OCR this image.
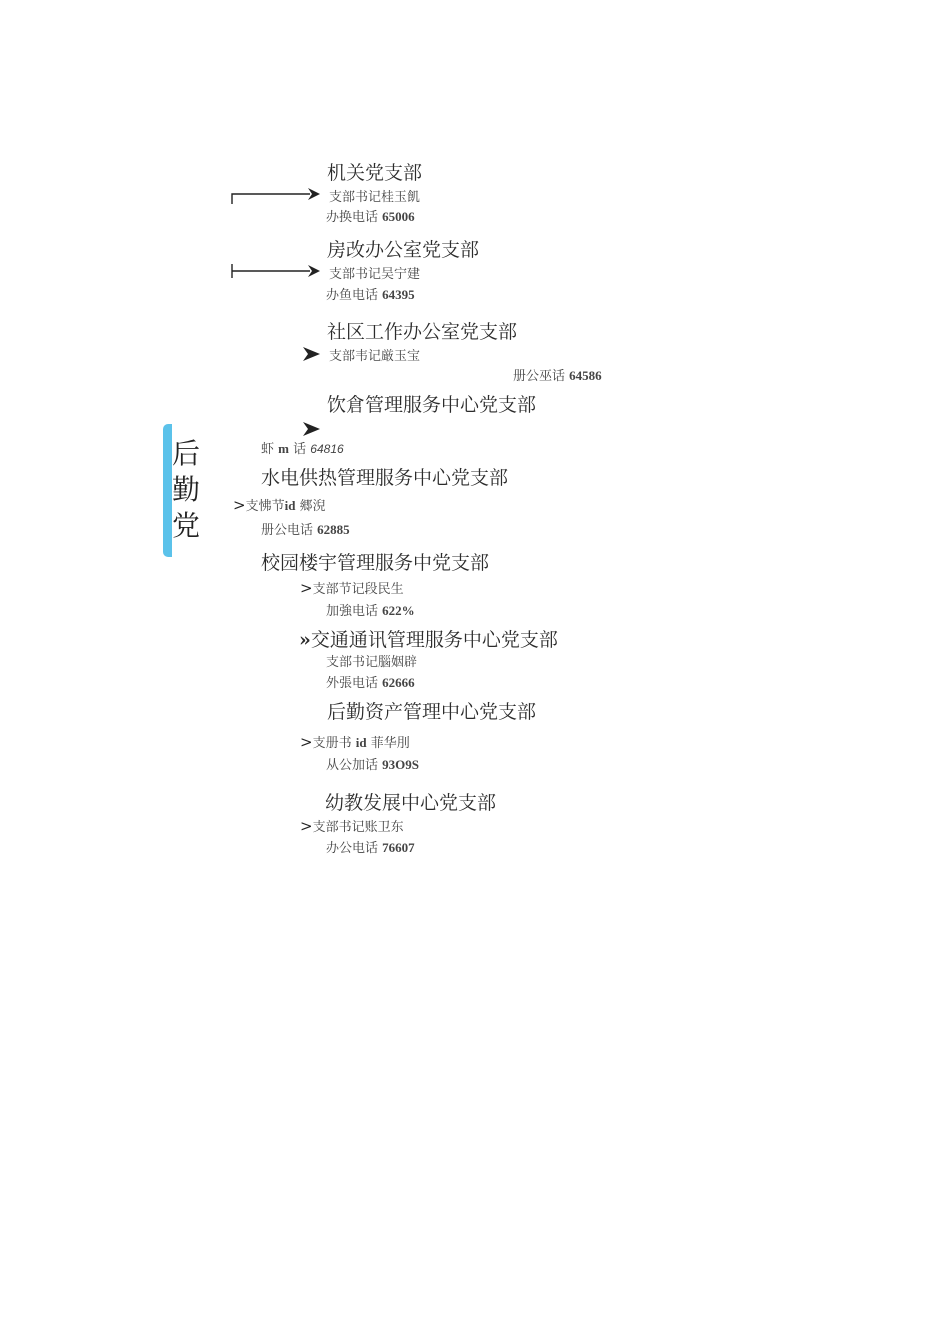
后勤党
机关党支部
支部书记桂玉飢
办换电话 65006
房改办公室党支部
支部书记吴宁建
办鱼电话 64395
社区工作办公室党支部
支部韦记厳玉宝
册公巫话 64586
饮倉管理服务中心党支部
虾 m 话 64816
水电供热管理服务中心党支部
>支怫节id 郷淣
册公电话 62885
校园楼宇管理服务中党支部
>支部节记段民生
加強电话 622%
»交通通讯管理服务中心党支部
支部书记腦姻辟
外張电话 62666
后勤资产管理中心党支部
>支册书 id 菲华刖
从公加话 93O9S
幼教发展中心党支部
>支部书记账卫东
办公电话 76607
